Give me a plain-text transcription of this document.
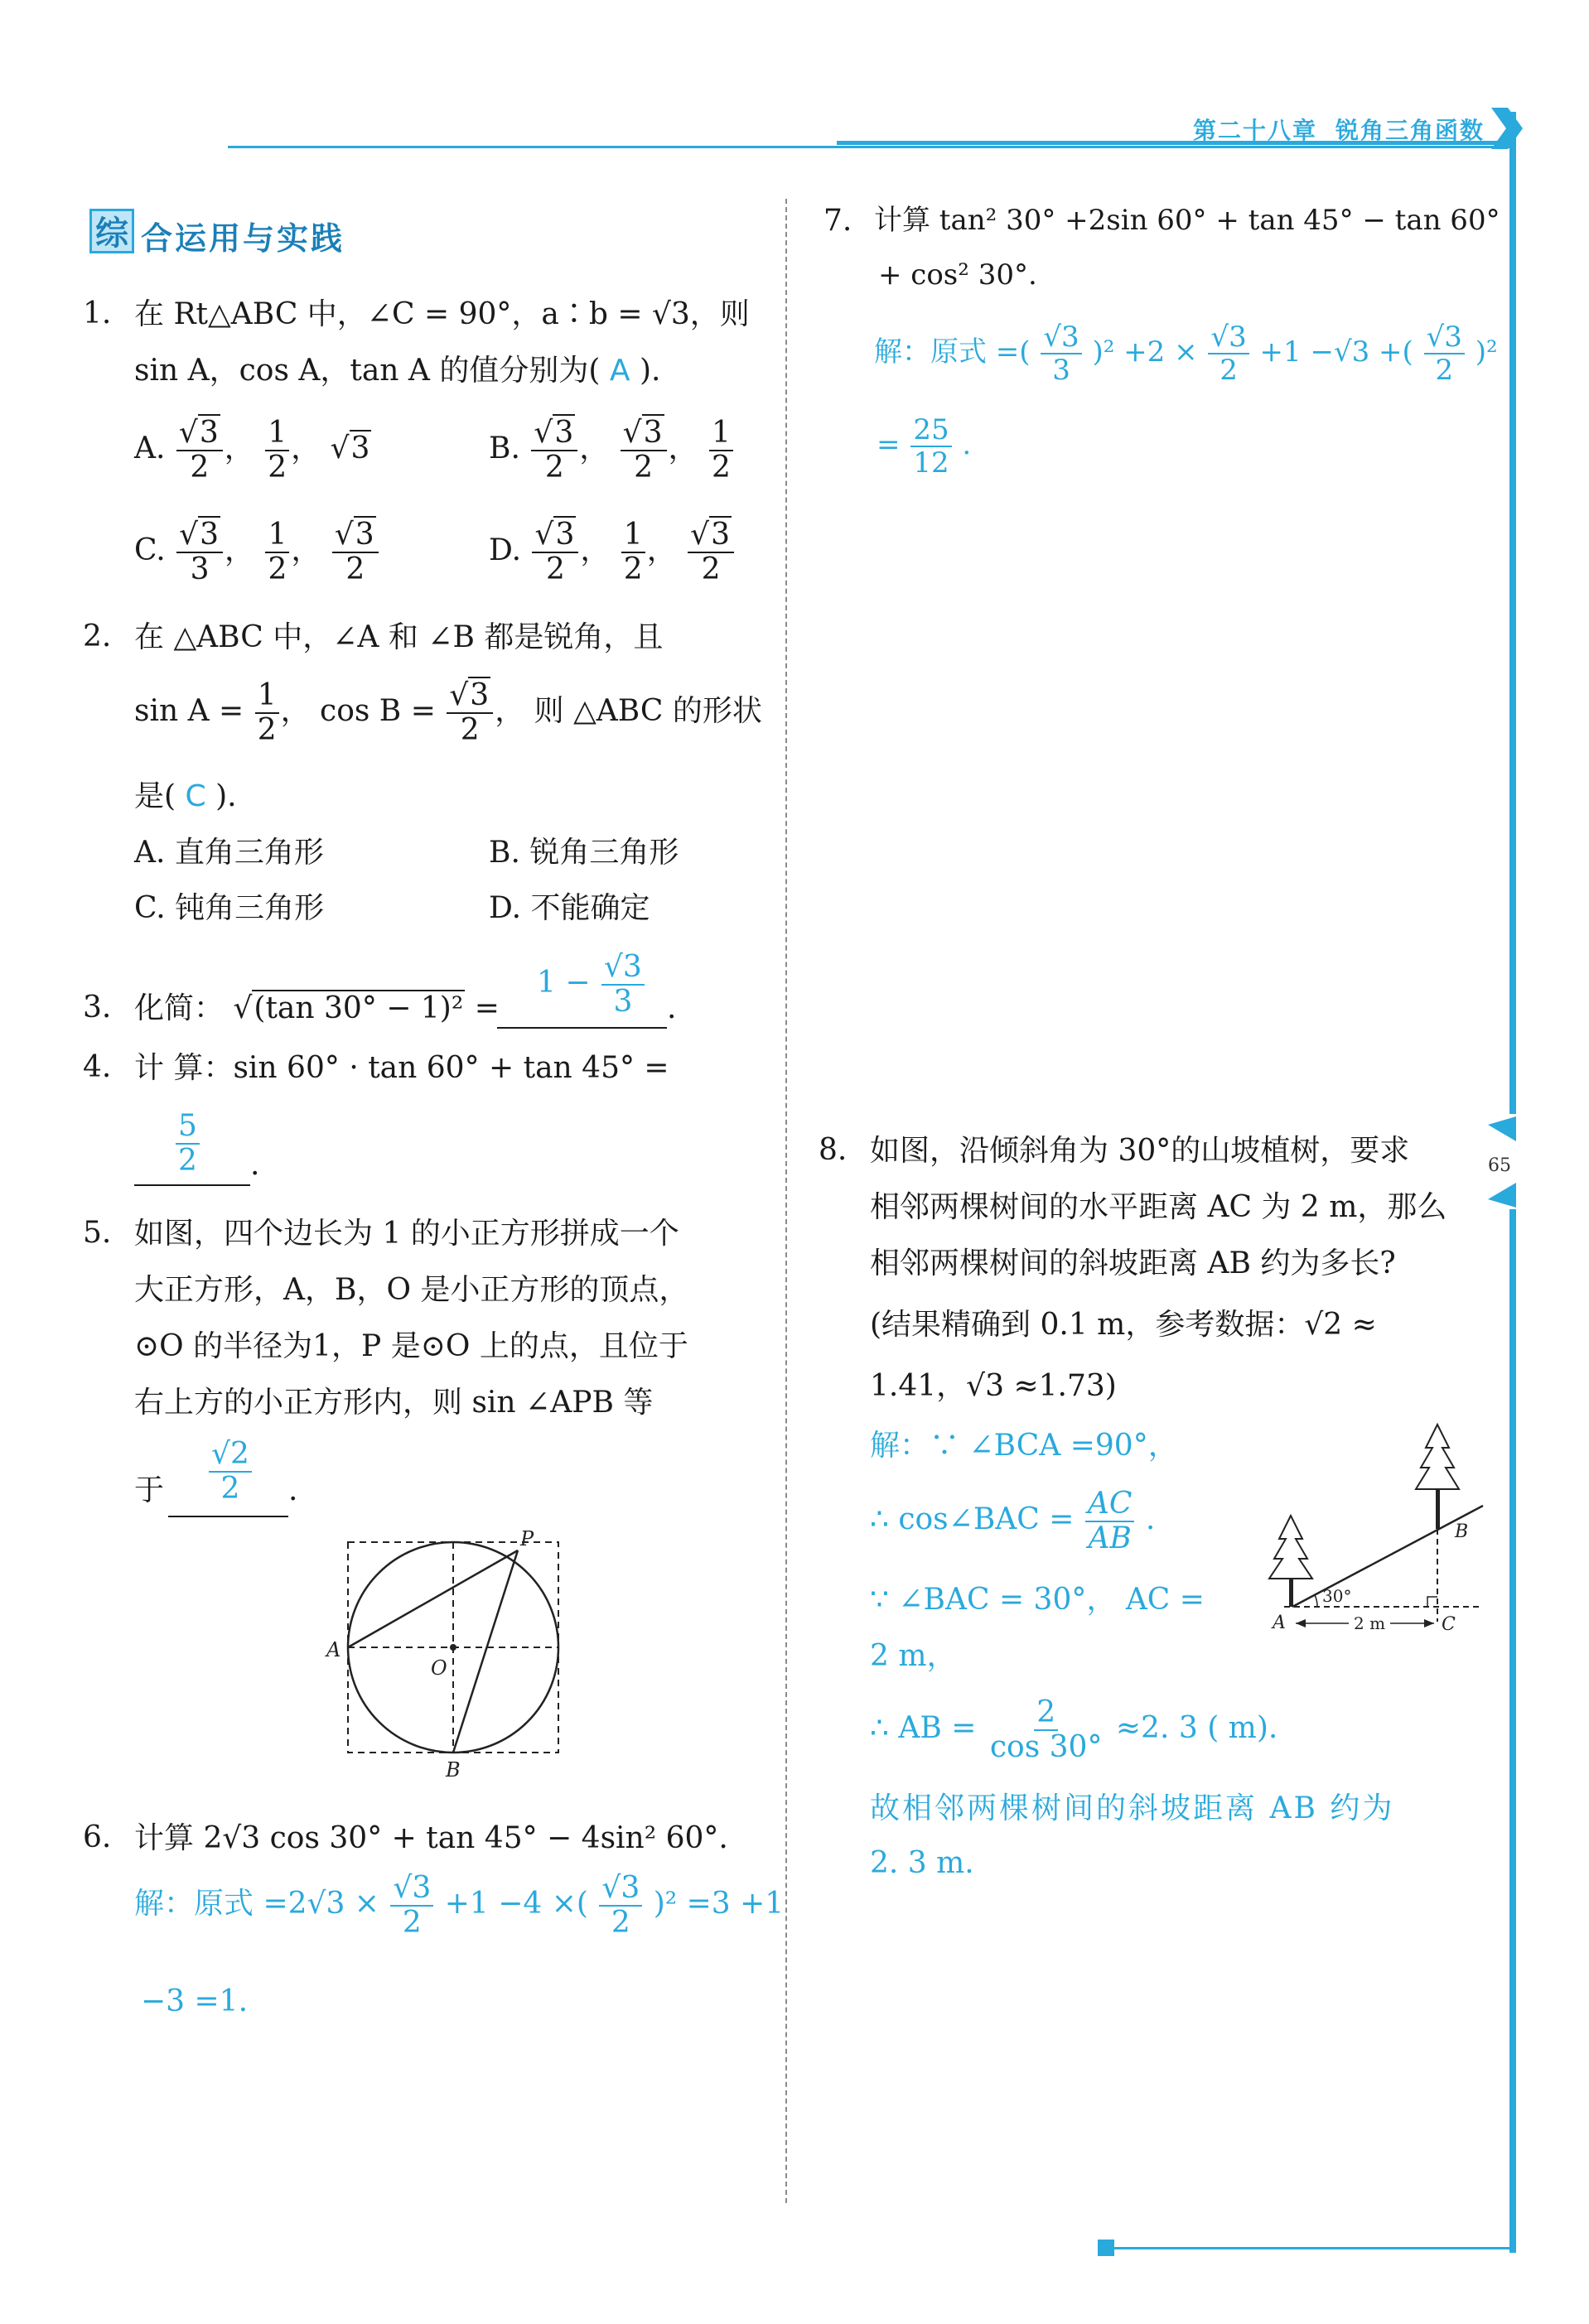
第二十八章 锐角三角函数
65
综 合运用与实践
1. 在 Rt△ABC 中，∠C = 90°，a∶b = √3，则
sin A，cos A，tan A 的值分别为( A ).
A. $\frac{√3}{2}$ ， $\frac{1}{2}$ ， √3	B. $\frac{√3}{2}$ ， $\frac{√3}{2}$ ， $\frac{1}{2}$
C. $\frac{√3}{3}$ ， $\frac{1}{2}$ ， $\frac{√3}{2}$	D. $\frac{√3}{2}$ ， $\frac{1}{2}$ ， $\frac{√3}{2}$
2. 在 △ABC 中，∠A 和 ∠B 都是锐角，且
$\sin A = \frac{1}{2}$ ， $\cos B = \frac{√3}{2}$ ， 则 △ABC 的形状
是( C ).
A. 直角三角形	B. 锐角三角形
C. 钝角三角形	D. 不能确定
3. 化简： √(tan 30° − 1)² =
$1 - \frac{√3}{3}$ .
4. 计 算：sin 60° · tan 60° + tan 45° =
$\frac{5}{2}$ .
5. 如图，四个边长为 1 的小正方形拼成一个
大正方形，A，B，O 是小正方形的顶点，
⊙O 的半径为1，P 是⊙O 上的点，且位于
右上方的小正方形内，则 sin ∠APB 等
于 $\frac{√2}{2}$ .
A
B
O
P
6. 计算 2√3 cos 30° + tan 45° − 4sin² 60°.
解：原式 $=2√3 \times \frac{√3}{2} +1 -4$ ×( $\frac{√3}{2} )^2 =3 +1$
−3 =1.
7. 计算 tan² 30° +2sin 60° + tan 45° − tan 60°
+ cos² 30°.
解：原式 =( $\frac{√3}{3} )^2 +2 \times \frac{√3}{2} +1 -√3$ +( $\frac{√3}{2} )^2$
= $\frac{25}{12}$ .
8. 如图，沿倾斜角为 30°的山坡植树，要求
相邻两棵树间的水平距离 AC 为 2 m，那么
相邻两棵树间的斜坡距离 AB 约为多长?
(结果精确到 0.1 m，参考数据：√2 ≈
1.41，√3 ≈1.73)
解：∵ ∠BCA =90°，
∴ cos∠BAC = $\frac{AC}{AB}$ .
∵ ∠BAC = 30°， AC =
2 m，
∴ AB = $\frac{2}{\cos 30^\circ} \approx 2$. 3 ( m).
故相邻两棵树间的斜坡距离 AB 约为
2. 3 m.
A
B
C
30°
2 m
